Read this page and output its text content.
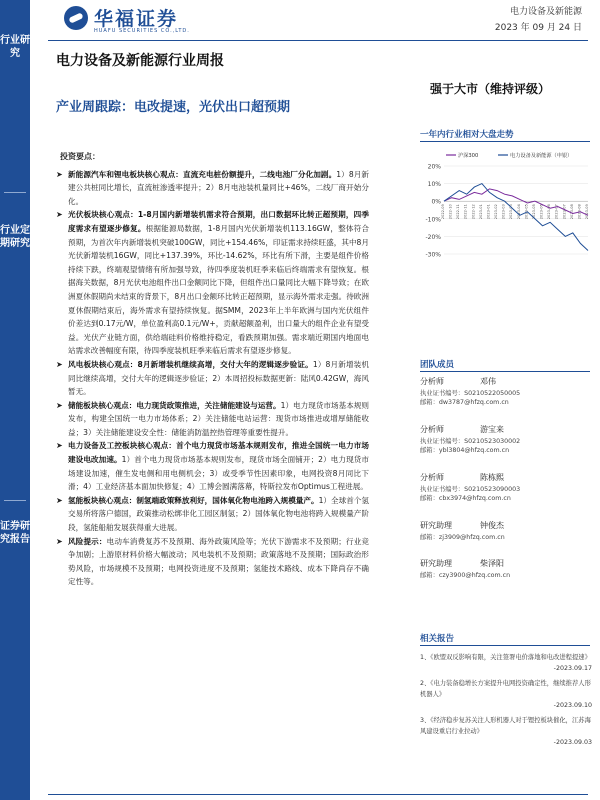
华福证券
HUAFU SECURITIES CO.,LTD.
电力设备及新能源
2023 年 09 月 24 日
行业研究
行业定期研究
证券研究报告
电力设备及新能源行业周报
产业周跟踪：电改提速，光伏出口超预期
强于大市（维持评级）
投资要点：
➤ 新能源汽车和锂电板块核心观点：直流充电桩份额提升，二线电池厂分化加剧。1）8月新建公共桩同比增长，直流桩渗透率提升；2）8月电池装机量同比+46%，二线厂商开始分化。
➤ 光伏板块核心观点：1-8月国内新增装机需求符合预期，出口数据环比转正超预期，四季度需求有望逐步修复。根据能源局数据，1-8月国内光伏新增装机113.16GW，整体符合预期，为首次年内新增装机突破100GW，同比+154.46%，印证需求持续旺盛，其中8月光伏新增装机16GW，同比+137.39%，环比-14.62%，环比有所下滑，主要是组件价格持续下跌，终端观望情绪有所加强导致，待四季度装机旺季来临后终端需求有望恢复。根据海关数据，8月光伏电池组件出口金额同比下降，但组件出口量同比大幅下降导致；在欧洲夏休假期尚未结束的背景下，8月出口金额环比转正超预期，显示海外需求走强。待欧洲夏休假期结束后，海外需求有望持续恢复。据SMM，2023年上半年欧洲与国内光伏组件价差达到0.17元/W，单位盈利高0.1元/W+，贡献超额盈利，出口量大的组件企业有望受益。光伏产业链方面，供给端硅料价格维持稳定，看跌预期加强。需求端近期国内地面电站需求改善幅度有限，待四季度装机旺季来临后需求有望逐步修复。
➤ 风电板块核心观点：8月新增装机继续高增，交付大年的逻辑逐步验证。1）8月新增装机同比继续高增，交付大年的逻辑逐步验证；2）本周招投标数据更新：陆风0.42GW，海风暂无。
➤ 储能板块核心观点：电力现货政策推进，关注储能建设与运营。1）电力现货市场基本规则发布，构建全国统一电力市场体系；2）关注储能电站运营：现货市场推进或增厚储能收益；3）关注储能建设安全性：储能消防温控热管理等重要性提升。
➤ 电力设备及工控板块核心观点：首个电力现货市场基本规则发布，推进全国统一电力市场建设电改加速。1）首个电力现货市场基本规则发布，现货市场全面铺开；2）电力现货市场建设加速，催生发电侧和用电侧机会；3）或受季节性因素印象，电网投资8月同比下滑；4）工业经济基本面加快修复；4）工博会圆满落幕，特斯拉发布Optimus工程进展。
➤ 氢能板块核心观点：制氢端政策释放利好，国体氧化物电池跨入规模量产。1）全球首个氢交易所将落户德国，政策推动松绑非化工园区制氢；2）国体氧化物电池将跨入规模量产阶段，氢能船舶发展获得重大进展。
➤ 风险提示：电动车消费复苏不及预期、海外政策风险等；光伏下游需求不及预期；行业竞争加剧；上游原材料价格大幅波动；风电装机不及预期；政策落地不及预期；国际政治形势风险，市场规模不及预期；电网投资进度不及预期；氢能技术路线、成本下降尚存不确定性等。
一年内行业相对大盘走势
20%
10%
0%
-10%
-20%
-30%
2022-09 2022-10 2022-11 2022-11 2022-12 2023-01 2023-01 2023-02 2023-03 2023-03 2023-04 2023-05 2023-05 2023-06 2023-06 2023-07 2023-07 2023-08 2023-08 2023-09
沪深300	电力设备及新能源（申银）
团队成员
分析师	邓伟
执业证书编号：S0210522050005
邮箱：dw3787@hfzq.com.cn
分析师	游宝来
执业证书编号：S0210523030002
邮箱：ybl3804@hfzq.com.cn
分析师	陈栋熙
执业证书编号：S0210523090003
邮箱：cbx3974@hfzq.com.cn
研究助理	钟俊杰
邮箱：zj3909@hfzq.com.cn
研究助理	柴泽阳
邮箱：czy3900@hfzq.com.cn
相关报告
1、《欧盟双反影响有限，关注签署电价落地和电改进程提速》
-2023.09.17
2、《电力装备稳增长方案提升电网投资确定性，继续推荐人形机器人》
-2023.09.10
3、《经济稳步复苏关注人形机器人对于锂控板块催化，江苏海风建设重启行业拉动》
-2023.09.03
